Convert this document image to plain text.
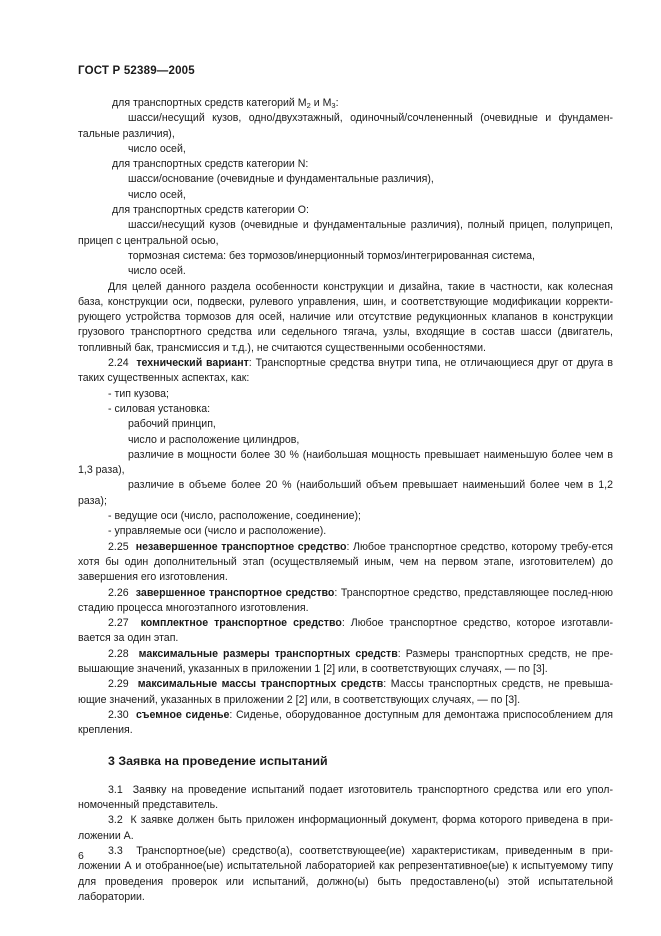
ГОСТ Р 52389—2005
для транспортных средств категорий $M_2$ и $M_3$:
шасси/несущий кузов, одно/двухэтажный, одиночный/сочлененный (очевидные и фундамен-тальные различия),
число осей,
для транспортных средств категории N:
шасси/основание (очевидные и фундаментальные различия),
число осей,
для транспортных средств категории O:
шасси/несущий кузов (очевидные и фундаментальные различия), полный прицеп, полуприцеп, прицеп с центральной осью,
тормозная система: без тормозов/инерционный тормоз/интегрированная система,
число осей.
Для целей данного раздела особенности конструкции и дизайна, такие в частности, как колесная база, конструкции оси, подвески, рулевого управления, шин, и соответствующие модификации корректи-рующего устройства тормозов для осей, наличие или отсутствие редукционных клапанов в конструкции грузового транспортного средства или седельного тягача, узлы, входящие в состав шасси (двигатель, топливный бак, трансмиссия и т.д.), не считаются существенными особенностями.
2.24 технический вариант: Транспортные средства внутри типа, не отличающиеся друг от друга в таких существенных аспектах, как:
- тип кузова;
- силовая установка:
рабочий принцип,
число и расположение цилиндров,
различие в мощности более 30 % (наибольшая мощность превышает наименьшую более чем в 1,3 раза),
различие в объеме более 20 % (наибольший объем превышает наименьший более чем в 1,2 раза);
- ведущие оси (число, расположение, соединение);
- управляемые оси (число и расположение).
2.25 незавершенное транспортное средство: Любое транспортное средство, которому требу-ется хотя бы один дополнительный этап (осуществляемый иным, чем на первом этапе, изготовителем) до завершения его изготовления.
2.26 завершенное транспортное средство: Транспортное средство, представляющее послед-нюю стадию процесса многоэтапного изготовления.
2.27 комплектное транспортное средство: Любое транспортное средство, которое изготавли-вается за один этап.
2.28 максимальные размеры транспортных средств: Размеры транспортных средств, не пре-вышающие значений, указанных в приложении 1 [2] или, в соответствующих случаях, — по [3].
2.29 максимальные массы транспортных средств: Массы транспортных средств, не превыша-ющие значений, указанных в приложении 2 [2] или, в соответствующих случаях, — по [3].
2.30 съемное сиденье: Сиденье, оборудованное доступным для демонтажа приспособлением для крепления.
3 Заявка на проведение испытаний
3.1 Заявку на проведение испытаний подает изготовитель транспортного средства или его упол-номоченный представитель.
3.2 К заявке должен быть приложен информационный документ, форма которого приведена в при-ложении А.
3.3 Транспортное(ые) средство(а), соответствующее(ие) характеристикам, приведенным в при-ложении А и отобранное(ые) испытательной лабораторией как репрезентативное(ые) к испытуемому типу для проведения проверок или испытаний, должно(ы) быть предоставлено(ы) этой испытательной лаборатории.
6
